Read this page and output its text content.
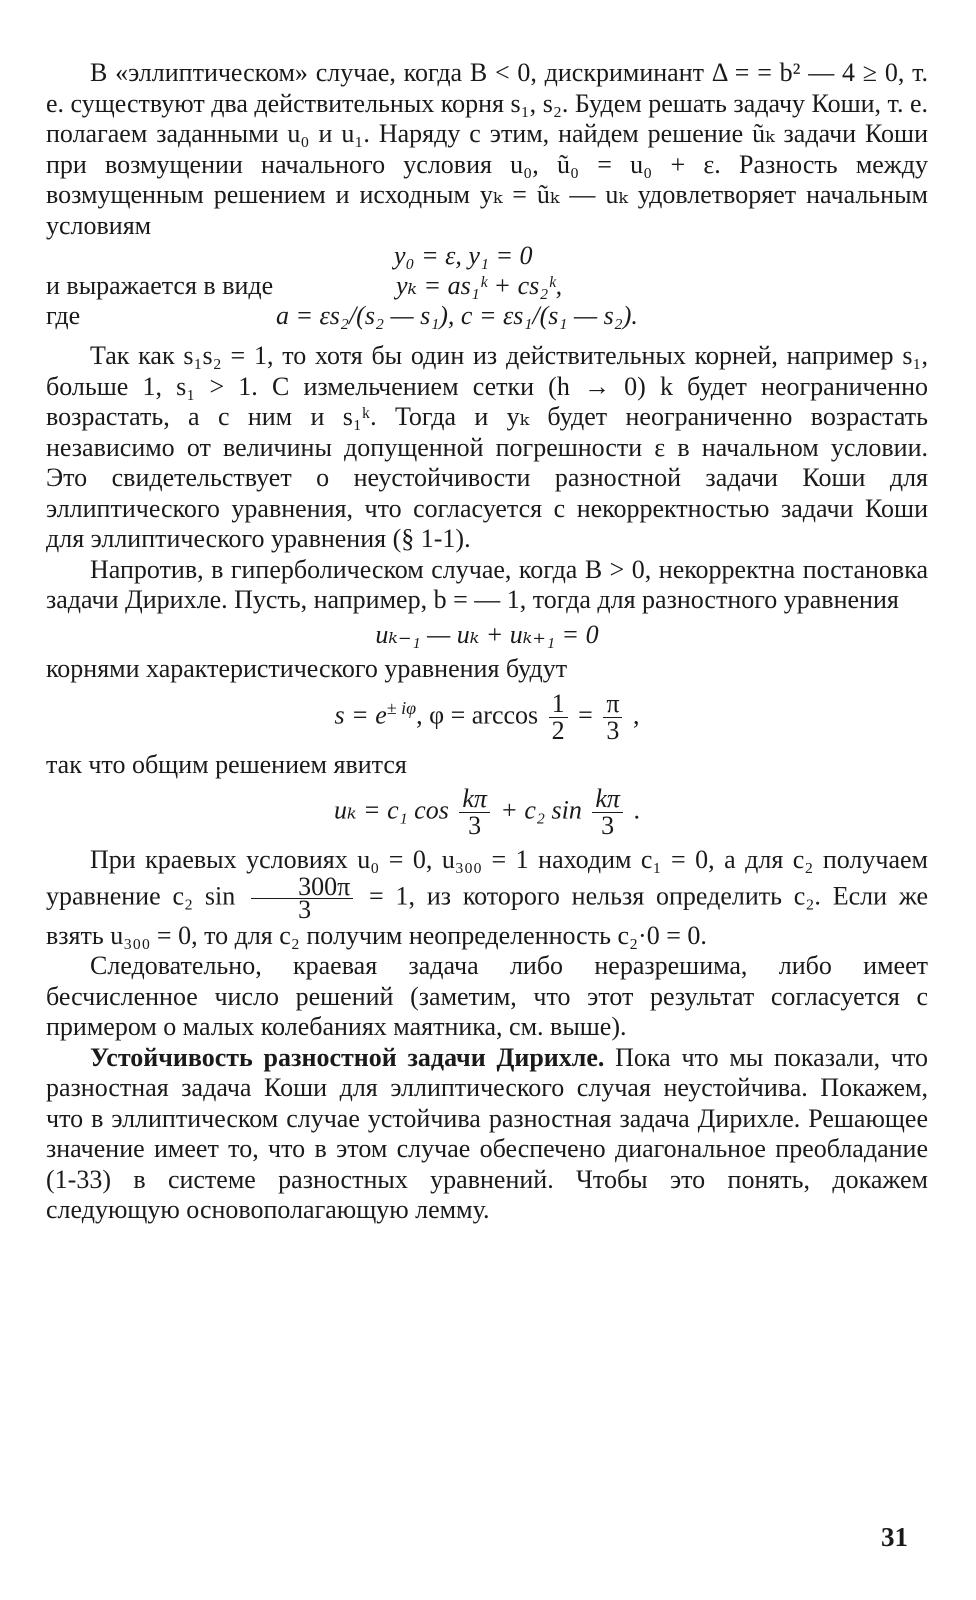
В «эллиптическом» случае, когда B < 0, дискриминант Δ = = b² — 4 ≥ 0, т. е. существуют два действительных корня s₁, s₂. Будем решать задачу Коши, т. е. полагаем заданными u₀ и u₁. Наряду с этим, найдем решение ũₖ задачи Коши при возмущении начального условия u₀, ũ₀ = u₀ + ε. Разность между возмущенным решением и исходным yₖ = ũₖ — uₖ удовлетворяет начальным условиям

y₀ = ε, y₁ = 0

и выражается в виде	yₖ = as₁ᵏ + cs₂ᵏ,

где	a = εs₂/(s₂ — s₁), c = εs₁/(s₁ — s₂).

Так как s₁s₂ = 1, то хотя бы один из действительных корней, например s₁, больше 1, s₁ > 1. С измельчением сетки (h → 0) k будет неограниченно возрастать, а с ним и s₁ᵏ. Тогда и yₖ будет неограниченно возрастать независимо от величины допущенной погрешности ε в начальном условии. Это свидетельствует о неустойчивости разностной задачи Коши для эллиптического уравнения, что согласуется с некорректностью задачи Коши для эллиптического уравнения (§ 1-1).

Напротив, в гиперболическом случае, когда B > 0, некорректна постановка задачи Дирихле. Пусть, например, b = — 1, тогда для разностного уравнения

uₖ₋₁ — uₖ + uₖ₊₁ = 0

корнями характеристического уравнения будут

$s = e^{\pm i\varphi}$, $\varphi = \arccos \frac{1}{2} = \frac{\pi}{3}$ ,

так что общим решением явится

uₖ = c₁ $\cos \frac{k\pi}{3} + c_2$ $\sin \frac{k\pi}{3}$ .

При краевых условиях u₀ = 0, u₃₀₀ = 1 находим c₁ = 0, а для c₂ получаем уравнение c₂ $\sin \frac{300\pi}{3} = 1$, из которого нельзя определить c₂. Если же взять u₃₀₀ = 0, то для c₂ получим неопределенность c₂·0 = 0.

Следовательно, краевая задача либо неразрешима, либо имеет бесчисленное число решений (заметим, что этот результат согласуется с примером о малых колебаниях маятника, см. выше).

Устойчивость разностной задачи Дирихле. Пока что мы показали, что разностная задача Коши для эллиптического случая неустойчива. Покажем, что в эллиптическом случае устойчива разностная задача Дирихле. Решающее значение имеет то, что в этом случае обеспечено диагональное преобладание (1-33) в системе разностных уравнений. Чтобы это понять, докажем следующую основополагающую лемму.

31
